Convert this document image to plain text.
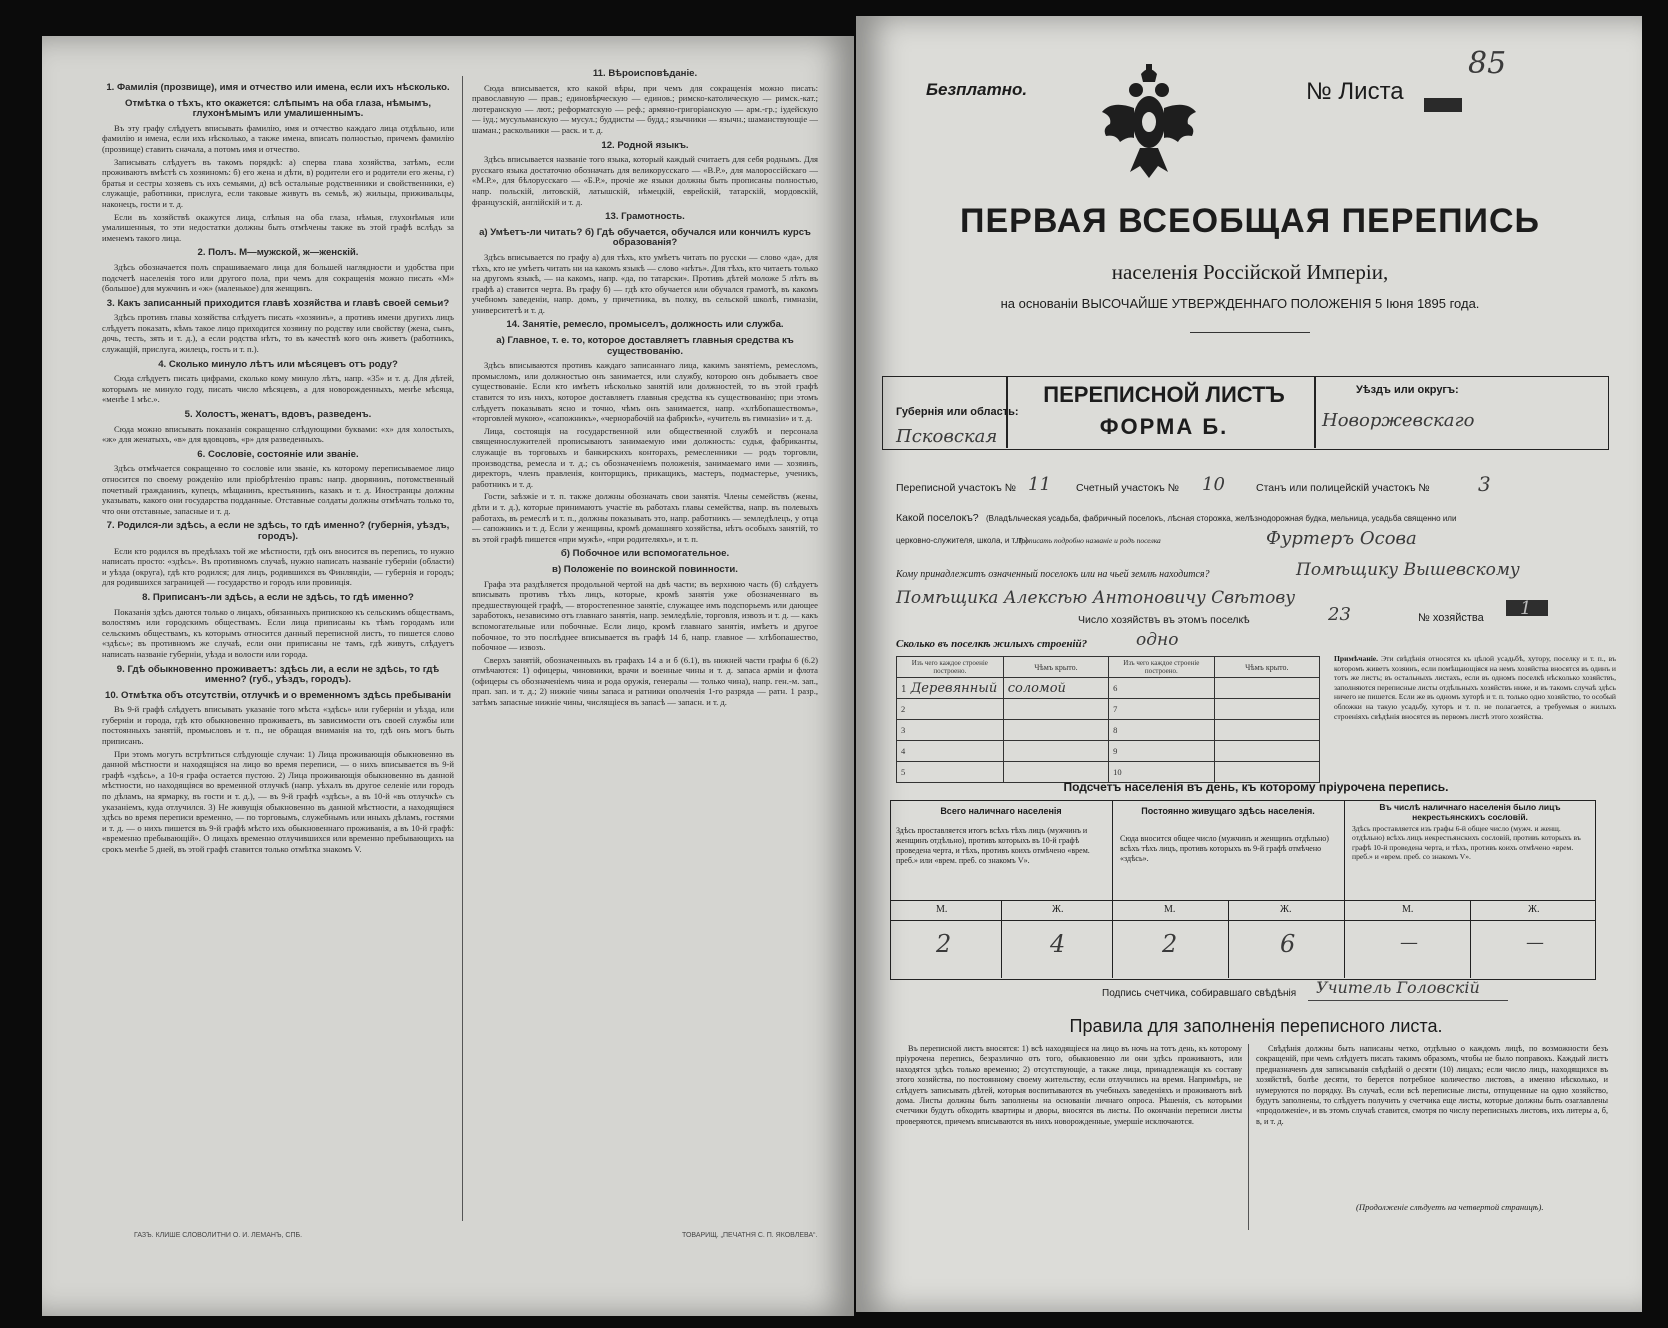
1. Фамилія (прозвище), имя и отчество или имена, если ихъ нѣсколько.
Отмѣтка о тѣхъ, кто окажется: слѣпымъ на оба глаза, нѣмымъ, глухонѣмымъ или умалишеннымъ.

Въ эту графу слѣдуетъ вписывать фамилію, имя и отчество каждаго лица отдѣльно, или фамилію и имена, если ихъ нѣсколько, а также имена, вписать полностью, причемъ фамилію (прозвище) ставить сначала, а потомъ имя и отчество.

Записывать слѣдуетъ въ такомъ порядкѣ: а) сперва глава хозяйства, затѣмъ, если проживаютъ вмѣстѣ съ хозяиномъ: б) его жена и дѣти, в) родители его и родители его жены, г) братья и сестры хозяевъ съ ихъ семьями, д) всѣ остальные родственники и свойственники, е) служащіе, работники, прислуга, если таковые живутъ въ семьѣ, ж) жильцы, приживальцы, наконецъ, гости и т. д.

Если въ хозяйствѣ окажутся лица, слѣпыя на оба глаза, нѣмыя, глухонѣмыя или умалишенныя, то эти недостатки должны быть отмѣчены также въ этой графѣ вслѣдъ за именемъ такого лица.

2. Полъ. М—мужской, ж—женскій.

Здѣсь обозначается полъ спрашиваемаго лица для большей наглядности и удобства при подсчетѣ населенія того или другого пола, при чемъ для сокращенія можно писать «М» (большое) для мужчинъ и «ж» (маленькое) для женщинъ.

3. Какъ записанный приходится главѣ хозяйства и главѣ своей семьи?

Здѣсь противъ главы хозяйства слѣдуетъ писать «хозяинъ», а противъ имени другихъ лицъ слѣдуетъ показать, кѣмъ такое лицо приходится хозяину по родству или свойству (жена, сынъ, дочь, тесть, зять и т. д.), а если родства нѣтъ, то въ качествѣ кого онъ живетъ (работникъ, служащій, прислуга, жилецъ, гость и т. п.).

4. Сколько минуло лѣтъ или мѣсяцевъ отъ роду?

Сюда слѣдуетъ писать цифрами, сколько кому минуло лѣтъ, напр. «35» и т. д. Для дѣтей, которымъ не минуло году, писать число мѣсяцевъ, а для новорожденныхъ, менѣе мѣсяца, «менѣе 1 мѣс.».

5. Холостъ, женатъ, вдовъ, разведенъ.

Сюда можно вписывать показанія сокращенно слѣдующими буквами: «х» для холостыхъ, «ж» для женатыхъ, «в» для вдовцовъ, «р» для разведенныхъ.

6. Сословіе, состояніе или званіе.

Здѣсь отмѣчается сокращенно то сословіе или званіе, къ которому переписываемое лицо относится по своему рожденію или пріобрѣтенію правъ: напр. дворянинъ, потомственный почетный гражданинъ, купецъ, мѣщанинъ, крестьянинъ, казакъ и т. д. Иностранцы должны указывать, какого они государства подданные. Отставные солдаты должны отмѣчать только то, что они отставные, запасные и т. д.

7. Родился-ли здѣсь, а если не здѣсь, то гдѣ именно? (губернія, уѣздъ, городъ).

Если кто родился въ предѣлахъ той же мѣстности, гдѣ онъ вносится въ перепись, то нужно написать просто: «здѣсь». Въ противномъ случаѣ, нужно написать названіе губерніи (области) и уѣзда (округа), гдѣ кто родился; для лицъ, родившихся въ Финляндіи, — губернія и городъ; для родившихся заграницей — государство и городъ или провинція.

8. Приписанъ-ли здѣсь, а если не здѣсь, то гдѣ именно?

Показанія здѣсь даются только о лицахъ, обязанныхъ припискою къ сельскимъ обществамъ, волостямъ или городскимъ обществамъ. Если лица приписаны къ тѣмъ городамъ или сельскимъ обществамъ, къ которымъ относится данный переписной листъ, то пишется слово «здѣсь»; въ противномъ же случаѣ, если они приписаны не тамъ, гдѣ живутъ, слѣдуетъ написать названіе губерніи, уѣзда и волости или города.

9. Гдѣ обыкновенно проживаетъ: здѣсь ли, а если не здѣсь, то гдѣ именно? (губ., уѣздъ, городъ).
10. Отмѣтка объ отсутствіи, отлучкѣ и о временномъ здѣсь пребываніи

Въ 9-й графѣ слѣдуетъ вписывать указаніе того мѣста «здѣсь» или губерніи и уѣзда, или губерніи и города, гдѣ кто обыкновенно проживаетъ, въ зависимости отъ своей службы или постоянныхъ занятій, промысловъ и т. п., не обращая вниманія на то, гдѣ онъ могъ быть приписанъ.

При этомъ могутъ встрѣтиться слѣдующіе случаи: 1) Лица проживающія обыкновенно въ данной мѣстности и находящіяся на лицо во время переписи, — о нихъ вписывается въ 9-й графѣ «здѣсь», а 10-я графа остается пустою. 2) Лица проживающія обыкновенно въ данной мѣстности, но находящіяся во временной отлучкѣ (напр. уѣхалъ въ другое селеніе или городъ по дѣламъ, на ярмарку, въ гости и т. д.), — въ 9-й графѣ «здѣсь», а въ 10-й «въ отлучкѣ» съ указаніемъ, куда отлучился. 3) Не живущія обыкновенно въ данной мѣстности, а находящіяся здѣсь во время переписи временно, — по торговымъ, служебнымъ или иныхъ дѣламъ, гостями и т. д. — о нихъ пишется въ 9-й графѣ мѣсто ихъ обыкновеннаго проживанія, а въ 10-й графѣ: «временно пребывающій». О лицахъ временно отлучившихся или временно пребывающихъ на срокъ менѣе 5 дней, въ этой графѣ ставится только отмѣтка знакомъ V.

11. Вѣроисповѣданіе.

Сюда вписывается, кто какой вѣры, при чемъ для сокращенія можно писать: православную — прав.; единовѣрческую — единов.; римско-католическую — римск.-кат.; лютеранскую — лют.; реформатскую — реф.; армяно-григоріанскую — арм.-гр.; іудейскую — іуд.; мусульманскую — мусул.; буддисты — будд.; язычники — язычн.; шаманствующіе — шаман.; раскольники — раск. и т. д.

12. Родной языкъ.

Здѣсь вписывается названіе того языка, который каждый считаетъ для себя роднымъ. Для русскаго языка достаточно обозначать для великорусскаго — «В.Р.», для малороссійскаго — «М.Р.», для бѣлорусскаго — «Б.Р.», прочіе же языки должны быть прописаны полностью, напр. польскій, литовскій, латышскій, нѣмецкій, еврейскій, татарскій, мордовскій, французскій, англійскій и т. д.

13. Грамотность.
а) Умѣетъ-ли читать? б) Гдѣ обучается, обучался или кончилъ курсъ образованія?

Здѣсь вписывается по графу а) для тѣхъ, кто умѣетъ читать по русски — слово «да», для тѣхъ, кто не умѣетъ читать ни на какомъ языкѣ — слово «нѣтъ». Для тѣхъ, кто читаетъ только на другомъ языкѣ, — на какомъ, напр. «да, по татарски». Противъ дѣтей моложе 5 лѣтъ въ графѣ а) ставится черта. Въ графу б) — гдѣ кто обучается или обучался грамотѣ, въ какомъ учебномъ заведеніи, напр. домъ, у причетника, въ полку, въ сельской школѣ, гимназіи, университетѣ и т. д.

14. Занятіе, ремесло, промыселъ, должность или служба.
а) Главное, т. е. то, которое доставляетъ главныя средства къ существованію.

Здѣсь вписываются противъ каждаго записаннаго лица, какимъ занятіемъ, ремесломъ, промысломъ, или должностью онъ занимается, или службу, которою онъ добываетъ свое существованіе. Если кто имѣетъ нѣсколько занятій или должностей, то въ этой графѣ ставится то изъ нихъ, которое доставляетъ главныя средства къ существованію; при этомъ слѣдуетъ показывать ясно и точно, чѣмъ онъ занимается, напр. «хлѣбопашествомъ», «торговлей мукою», «сапожникъ», «чернорабочій на фабрикѣ», «учитель въ гимназіи» и т. д.

Лица, состоящія на государственной или общественной службѣ и персонала священнослужителей прописываютъ занимаемую ими должность: судья, фабриканты, служащіе въ торговыхъ и банкирскихъ конторахъ, ремесленники — родъ торговли, производства, ремесла и т. д.; съ обозначеніемъ положенія, занимаемаго ими — хозяинъ, директоръ, членъ правленія, конторщикъ, прикащикъ, мастеръ, подмастерье, ученикъ, работникъ и т. д.

Гости, заѣзжіе и т. п. также должны обозначать свои занятія. Члены семействъ (жены, дѣти и т. д.), которые принимаютъ участіе въ работахъ главы семейства, напр. въ полевыхъ работахъ, въ ремеслѣ и т. п., должны показывать это, напр. работникъ — земледѣлецъ, у отца — сапожникъ и т. д. Если у женщины, кромѣ домашняго хозяйства, нѣтъ особыхъ занятій, то въ этой графѣ пишется «при мужѣ», «при родителяхъ», и т. п.

б) Побочное или вспомогательное.
в) Положеніе по воинской повинности.

Графа эта раздѣляется продольной чертой на двѣ части; въ верхнюю часть (б) слѣдуетъ вписывать противъ тѣхъ лицъ, которые, кромѣ занятія уже обозначеннаго въ предшествующей графѣ, — второстепенное занятіе, служащее имъ подспорьемъ или дающее заработокъ, независимо отъ главнаго занятія, напр. земледѣліе, торговля, извозъ и т. д. — какъ вспомогательные или побочные. Если лицо, кромѣ главнаго занятія, имѣетъ и другое побочное, то это послѣднее вписывается въ графѣ 14 б, напр. главное — хлѣбопашество, побочное — извозъ.

Сверхъ занятій, обозначенныхъ въ графахъ 14 а и б (6.1), въ нижней части графы 6 (6.2) отмѣчаются: 1) офицеры, чиновники, врачи и военные чины и т. д. запаса арміи и флота (офицеры съ обозначеніемъ чина и рода оружія, генералы — только чина), напр. ген.-м. зап., прап. зап. и т. д.; 2) нижніе чины запаса и ратники ополченія 1-го разряда — ратн. 1 разр., затѣмъ запасные нижніе чины, числящіеся въ запасѣ — запасн. и т. д.

ГАЗЪ. КЛИШЕ СЛОВОЛИТНИ О. И. ЛЕМАНЪ, СПБ.	ТОВАРИЩ. „ПЕЧАТНЯ С. П. ЯКОВЛЕВА“.
Безплатно.	№ Листа
85
ПЕРВАЯ ВСЕОБЩАЯ ПЕРЕПИСЬ
населенія Россійской Имперіи,
на основаніи ВЫСОЧАЙШЕ УТВЕРЖДЕННАГО ПОЛОЖЕНІЯ 5 Іюня 1895 года.
Губернія или область:
Псковская
ПЕРЕПИСНОЙ ЛИСТЪ
ФОРМА Б.
Уѣздъ или округъ:
Новоржевскаго
Переписной участокъ № 11 Счетный участокъ № 10	Станъ или полицейскій участокъ № 3
Какой поселокъ? (Владѣльческая усадьба, фабричный поселокъ, лѣсная сторожка, желѣзнодорожная будка, мельница, усадьба священно или
церковно-служителя, школа, и т. п.)
Прописать подробно названіе и родъ поселка	Фуртеръ Осова
Кому принадлежитъ означенный поселокъ или на чьей землѣ находится?	Помѣщику Вышевскому
Помѣщика Алексѣю Антоновичу Свѣтову
Число хозяйствъ въ этомъ поселкѣ	23	№ хозяйства 1
Сколько въ поселкѣ жилыхъ строеній?	одно
Изъ чего каждое строеніе построено.	Чѣмъ крыто.	Изъ чего каждое строеніе построено.	Чѣмъ крыто.
1 Деревянный	соломой	6	
2		7	
3		8	
4		9	
5		10	
Примѣчаніе. Эти свѣдѣнія относятся къ цѣлой усадьбѣ, хутору, поселку и т. п., въ которомъ живетъ хозяинъ, если помѣщающіяся на немъ хозяйства вносятся въ одинъ и тотъ же листъ; въ остальныхъ листахъ, если въ одномъ поселкѣ нѣсколько хозяйствъ, заполняются переписные листы отдѣльныхъ хозяйствъ ниже, и въ такомъ случаѣ здѣсь ничего не пишется. Если же въ одномъ хуторѣ и т. п. только одно хозяйство, то особый обложки на такую усадьбу, хуторъ и т. п. не полагается, а требуемыя о жилыхъ строеніяхъ свѣдѣнія вносятся въ первомъ листѣ этого хозяйства.
Подсчетъ населенія въ день, къ которому пріурочена перепись.
Всего наличнаго населенія
Здѣсь проставляется итогъ всѣхъ тѣхъ лицъ (мужчинъ и женщинъ отдѣльно), противъ которыхъ въ 10-й графѣ проведена черта, и тѣхъ, противъ коихъ отмѣчено «врем. преб.» или «врем. преб. со знакомъ V».
Постоянно живущаго здѣсь населенія.
Сюда вносится общее число (мужчинъ и женщинъ отдѣльно) всѣхъ тѣхъ лицъ, противъ которыхъ въ 9-й графѣ отмѣчено «здѣсь».
Въ числѣ наличнаго населенія было лицъ некрестьянскихъ сословій.
Здѣсь проставляется изъ графы 6-й общее число (мужч. и женщ. отдѣльно) всѣхъ лицъ некрестьянскихъ сословій, противъ которыхъ въ графѣ 10-й проведена черта, и тѣхъ, противъ коихъ отмѣчено «врем. преб.» и «врем. преб. со знакомъ V».
М.	Ж.	М.	Ж.	М.	Ж.
2	4	2	6	—	—
Подпись счетчика, собиравшаго свѣдѣнія Учитель Головскій
Правила для заполненія переписного листа.
Въ переписной листъ вносятся: 1) всѣ находящіеся на лицо въ ночь на тотъ день, къ которому пріурочена перепись, безразлично отъ того, обыкновенно ли они здѣсь проживаютъ, или находятся здѣсь только временно; 2) отсутствующіе, а также лица, принадлежащія къ составу этого хозяйства, по постоянному своему жительству, если отлучились на время. Напримѣръ, не слѣдуетъ записывать дѣтей, которыя воспитываются въ учебныхъ заведеніяхъ и проживаютъ внѣ дома. Листы должны быть заполнены на основаніи личнаго опроса. Рѣшенія, съ которыми счетчики будутъ обходить квартиры и дворы, вносятся въ листы. По окончаніи переписи листы проверяются, причемъ вписываются въ нихъ новорожденные, умершіе исключаются.
Свѣдѣнія должны быть написаны четко, отдѣльно о каждомъ лицѣ, по возможности безъ сокращеній, при чемъ слѣдуетъ писать такимъ образомъ, чтобы не было поправокъ. Каждый листъ предназначенъ для записыванія свѣдѣній о десяти (10) лицахъ; если число лицъ, находящихся въ хозяйствѣ, болѣе десяти, то берется потребное количество листовъ, а именно нѣсколько, и нумеруются по порядку. Въ случаѣ, если всѣ переписные листы, отпущенные на одно хозяйство, будутъ заполнены, то слѣдуетъ получить у счетчика еще листы, которые должны быть озаглавлены «продолженіе», и въ этомъ случаѣ ставится, смотря по числу переписныхъ листовъ, ихъ литеры а, б, в, и т. д.
(Продолженіе слѣдуетъ на четвертой страницѣ).
